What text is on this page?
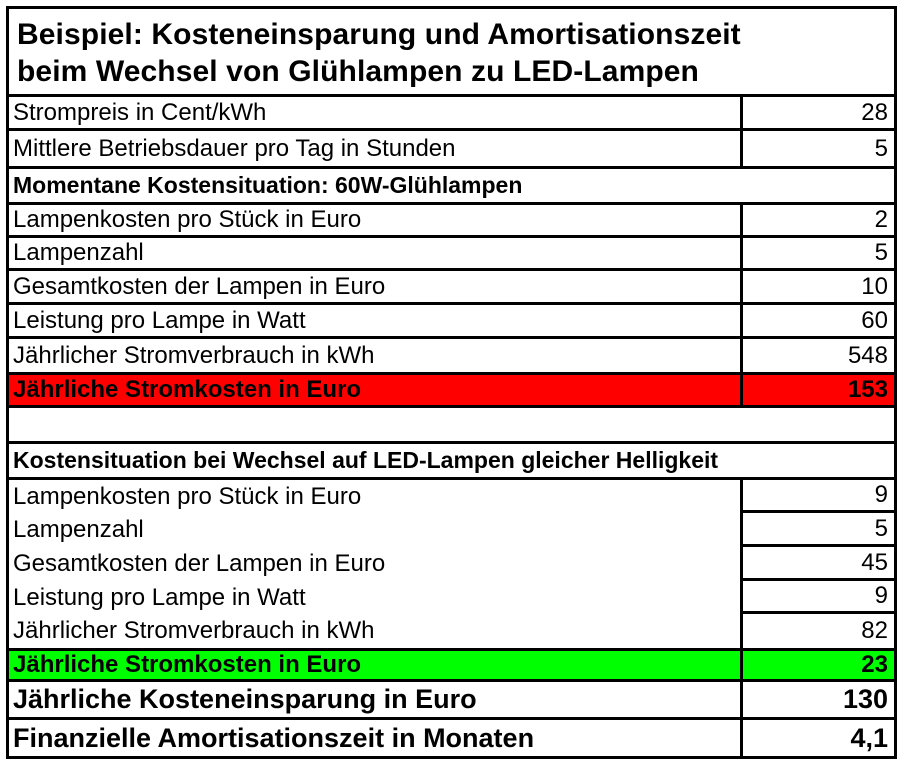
Beispiel: Kosteneinsparung und Amortisationszeit
beim Wechsel von Glühlampen zu LED-Lampen
Strompreis in Cent/kWh	28
Mittlere Betriebsdauer pro Tag in Stunden	5
Momentane Kostensituation: 60W-Glühlampen
Lampenkosten pro Stück in Euro	2
Lampenzahl	5
Gesamtkosten der Lampen in Euro	10
Leistung pro Lampe in Watt	60
Jährlicher Stromverbrauch in kWh	548
Jährliche Stromkosten in Euro	153
Kostensituation bei Wechsel auf LED-Lampen gleicher Helligkeit
Lampenkosten pro Stück in Euro	9
Lampenzahl	5
Gesamtkosten der Lampen in Euro	45
Leistung pro Lampe in Watt	9
Jährlicher Stromverbrauch in kWh	82
Jährliche Stromkosten in Euro	23
Jährliche Kosteneinsparung in Euro	130
Finanzielle Amortisationszeit in Monaten	4,1
